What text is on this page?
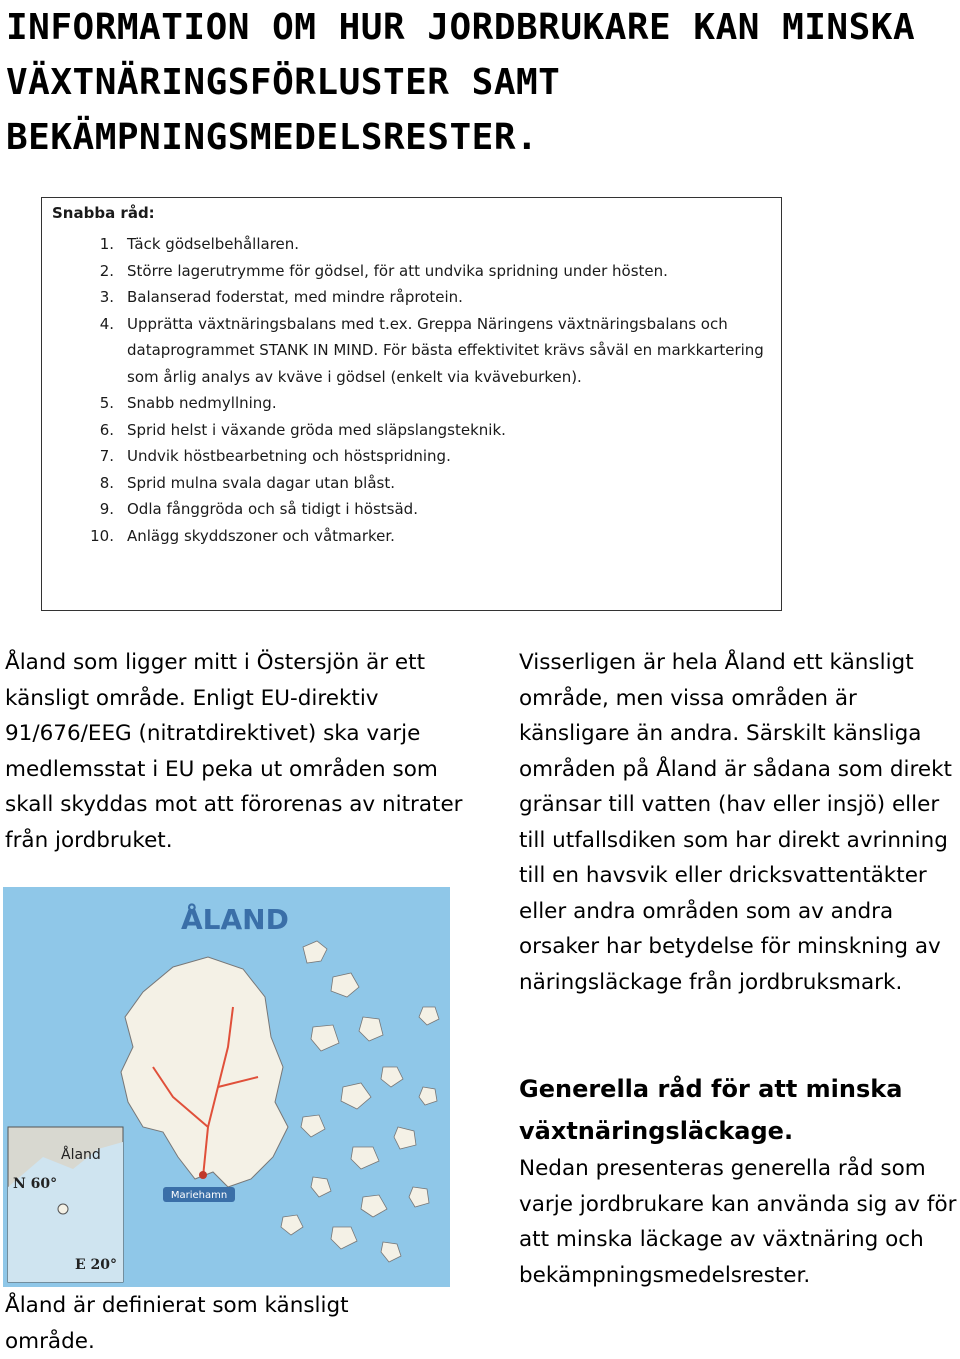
INFORMATION OM HUR JORDBRUKARE KAN MINSKA VÄXTNÄRINGSFÖRLUSTER SAMT BEKÄMPNINGSMEDELSRESTER.
Snabba råd:
1. Täck gödselbehållaren.
2. Större lagerutrymme för gödsel, för att undvika spridning under hösten.
3. Balanserad foderstat, med mindre råprotein.
4. Upprätta växtnäringsbalans med t.ex. Greppa Näringens växtnäringsbalans och dataprogrammet STANK IN MIND. För bästa effektivitet krävs såväl en markkartering som årlig analys av kväve i gödsel (enkelt via kväveburken).
5. Snabb nedmyllning.
6. Sprid helst i växande gröda med släpslangsteknik.
7. Undvik höstbearbetning och höstspridning.
8. Sprid mulna svala dagar utan blåst.
9. Odla fånggröda och så tidigt i höstsäd.
10. Anlägg skyddszoner och våtmarker.

Åland som ligger mitt i Östersjön är ett känsligt område. Enligt EU-direktiv 91/676/EEG (nitratdirektivet) ska varje medlemsstat i EU peka ut områden som skall skyddas mot att förorenas av nitrater från jordbruket.

Visserligen är hela Åland ett känsligt område, men vissa områden är känsligare än andra. Särskilt känsliga områden på Åland är sådana som direkt gränsar till vatten (hav eller insjö) eller till utfallsdiken som har direkt avrinning till en havsvik eller dricksvattentäkter eller andra områden som av andra orsaker har betydelse för minskning av näringsläckage från jordbruksmark.

Generella råd för att minska växtnäringsläckage.

Nedan presenteras generella råd som varje jordbrukare kan använda sig av för att minska läckage av växtnäring och bekämpningsmedelsrester.

Åland
N 60°
E 20°
ÅLAND
Mariehamn

Åland är definierat som känsligt område.
